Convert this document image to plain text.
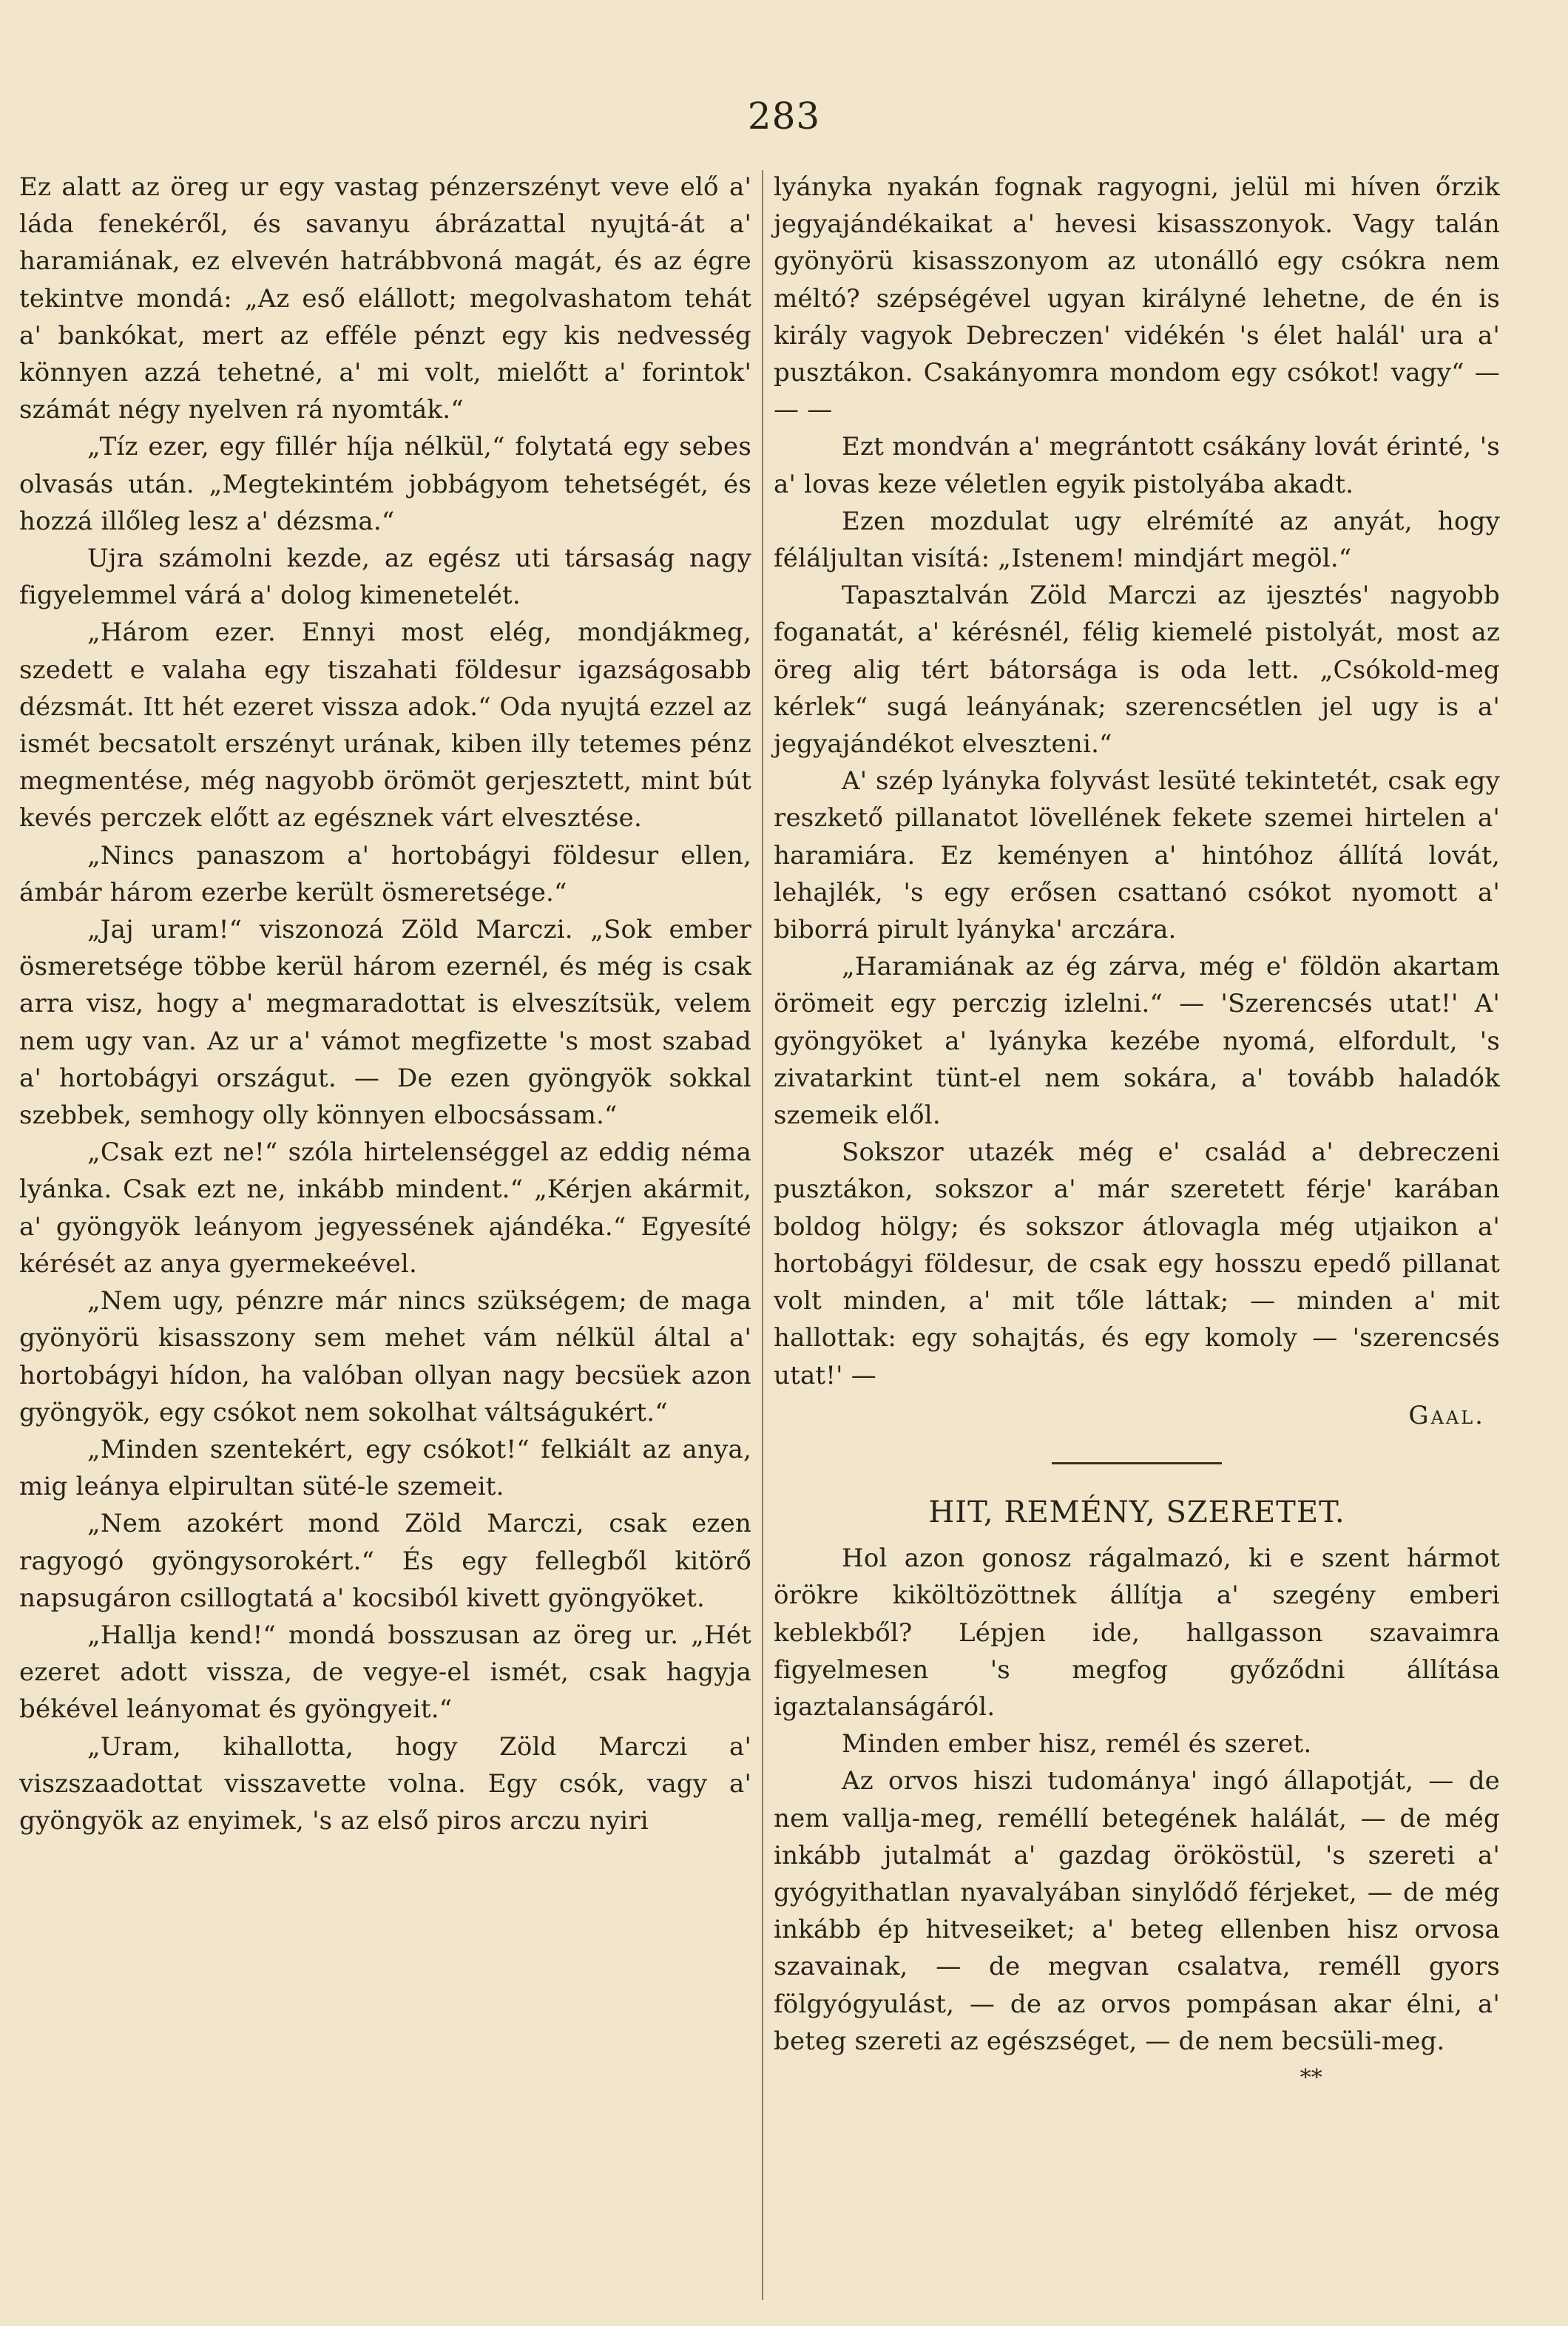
283

Ez alatt az öreg ur egy vastag pénzerszényt veve elő a' láda fenekéről, és savanyu ábrázattal nyujtá-át a' haramiának, ez elvevén hatrábbvoná magát, és az égre tekintve mondá: „Az eső elállott; megolvashatom tehát a' bankókat, mert az efféle pénzt egy kis nedvesség könnyen azzá tehetné, a' mi volt, mielőtt a' forintok' számát négy nyelven rá nyomták.“

„Tíz ezer, egy fillér híja nélkül,“ folytatá egy sebes olvasás után. „Megtekintém jobbágyom tehetségét, és hozzá illőleg lesz a' dézsma.“

Ujra számolni kezde, az egész uti társaság nagy figyelemmel várá a' dolog kimenetelét.

„Három ezer. Ennyi most elég, mondjákmeg, szedett e valaha egy tiszahati földesur igazságosabb dézsmát. Itt hét ezeret vissza adok.“ Oda nyujtá ezzel az ismét becsatolt erszényt urának, kiben illy tetemes pénz megmentése, még nagyobb örömöt gerjesztett, mint bút kevés perczek előtt az egésznek várt elvesztése.

„Nincs panaszom a' hortobágyi földesur ellen, ámbár három ezerbe került ösmeretsége.“

„Jaj uram!“ viszonozá Zöld Marczi. „Sok ember ösmeretsége többe kerül három ezernél, és még is csak arra visz, hogy a' megmaradottat is elveszítsük, velem nem ugy van. Az ur a' vámot megfizette 's most szabad a' hortobágyi országut. — De ezen gyöngyök sokkal szebbek, semhogy olly könnyen elbocsássam.“

„Csak ezt ne!“ szóla hirtelenséggel az eddig néma lyánka. Csak ezt ne, inkább mindent.“ „Kérjen akármit, a' gyöngyök leányom jegyessének ajándéka.“ Egyesíté kérését az anya gyermekeével.

„Nem ugy, pénzre már nincs szükségem; de maga gyönyörü kisasszony sem mehet vám nélkül által a' hortobágyi hídon, ha valóban ollyan nagy becsüek azon gyöngyök, egy csókot nem sokolhat váltságukért.“

„Minden szentekért, egy csókot!“ felkiált az anya, mig leánya elpirultan süté-le szemeit.

„Nem azokért mond Zöld Marczi, csak ezen ragyogó gyöngysorokért.“ És egy fellegből kitörő napsugáron csillogtatá a' kocsiból kivett gyöngyöket.

„Hallja kend!“ mondá bosszusan az öreg ur. „Hét ezeret adott vissza, de vegye-el ismét, csak hagyja békével leányomat és gyöngyeit.“

„Uram, kihallotta, hogy Zöld Marczi a' viszszaadottat visszavette volna. Egy csók, vagy a' gyöngyök az enyimek, 's az első piros arczu nyiri

lyányka nyakán fognak ragyogni, jelül mi híven őrzik jegyajándékaikat a' hevesi kisasszonyok. Vagy talán gyönyörü kisasszonyom az utonálló egy csókra nem méltó? szépségével ugyan királyné lehetne, de én is király vagyok Debreczen' vidékén 's élet halál' ura a' pusztákon. Csakányomra mondom egy csókot! vagy“ — — —

Ezt mondván a' megrántott csákány lovát érinté, 's a' lovas keze véletlen egyik pistolyába akadt.

Ezen mozdulat ugy elrémíté az anyát, hogy féláljultan visítá: „Istenem! mindjárt megöl.“

Tapasztalván Zöld Marczi az ijesztés' nagyobb foganatát, a' kérésnél, félig kiemelé pistolyát, most az öreg alig tért bátorsága is oda lett. „Csókold-meg kérlek“ sugá leányának; szerencsétlen jel ugy is a' jegyajándékot elveszteni.“

A' szép lyányka folyvást lesüté tekintetét, csak egy reszkető pillanatot lövellének fekete szemei hirtelen a' haramiára. Ez keményen a' hintóhoz állítá lovát, lehajlék, 's egy erősen csattanó csókot nyomott a' biborrá pirult lyányka' arczára.

„Haramiának az ég zárva, még e' földön akartam örömeit egy perczig izlelni.“ — 'Szerencsés utat!' A' gyöngyöket a' lyányka kezébe nyomá, elfordult, 's zivatarkint tünt-el nem sokára, a' tovább haladók szemeik elől.

Sokszor utazék még e' család a' debreczeni pusztákon, sokszor a' már szeretett férje' karában boldog hölgy; és sokszor átlovagla még utjaikon a' hortobágyi földesur, de csak egy hosszu epedő pillanat volt minden, a' mit tőle láttak; — minden a' mit hallottak: egy sohajtás, és egy komoly — 'szerencsés utat!' —

Gaal.

HIT, REMÉNY, SZERETET.

Hol azon gonosz rágalmazó, ki e szent hármot örökre kiköltözöttnek állítja a' szegény emberi keblekből? Lépjen ide, hallgasson szavaimra figyelmesen 's megfog győződni állítása igaztalanságáról.

Minden ember hisz, remél és szeret.

Az orvos hiszi tudománya' ingó állapotját, — de nem vallja-meg, reméllí betegének halálát, — de még inkább jutalmát a' gazdag örököstül, 's szereti a' gyógyithatlan nyavalyában sinylődő férjeket, — de még inkább ép hitveseiket; a' beteg ellenben hisz orvosa szavainak, — de megvan csalatva, reméll gyors fölgyógyulást, — de az orvos pompásan akar élni, a' beteg szereti az egészséget, — de nem becsüli-meg.

**
